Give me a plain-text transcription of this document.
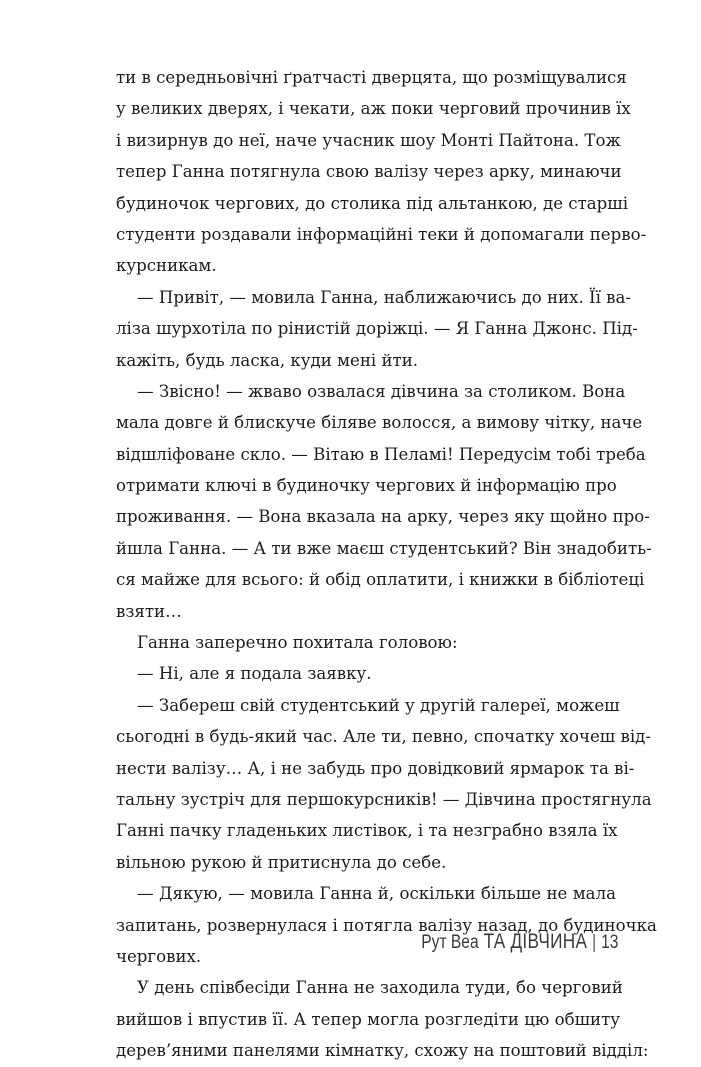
ти в середньовічні ґратчасті дверцята, що розміщувалися
у великих дверях, і чекати, аж поки черговий прочинив їх
і визирнув до неї, наче учасник шоу Монті Пайтона. Тож
тепер Ганна потягнула свою валізу через арку, минаючи
будиночок чергових, до столика під альтанкою, де старші
студенти роздавали інформаційні теки й допомагали перво-
курсникам.
— Привіт, — мовила Ганна, наближаючись до них. Її ва-
ліза шурхотіла по рінистій доріжці. — Я Ганна Джонс. Під-
кажіть, будь ласка, куди мені йти.
— Звісно! — жваво озвалася дівчина за столиком. Вона
мала довге й блискуче біляве волосся, а вимову чітку, наче
відшліфоване скло. — Вітаю в Пеламі! Передусім тобі треба
отримати ключі в будиночку чергових й інформацію про
проживання. — Вона вказала на арку, через яку щойно про-
йшла Ганна. — А ти вже маєш студентський? Він знадобить-
ся майже для всього: й обід оплатити, і книжки в бібліотеці
взяти…
Ганна заперечно похитала головою:
— Ні, але я подала заявку.
— Забереш свій студентський у другій галереї, можеш
сьогодні в будь-який час. Але ти, певно, спочатку хочеш від-
нести валізу… А, і не забудь про довідковий ярмарок та ві-
тальну зустріч для першокурсників! — Дівчина простягнула
Ганні пачку гладеньких листівок, і та незграбно взяла їх
вільною рукою й притиснула до себе.
— Дякую, — мовила Ганна й, оскільки більше не мала
запитань, розвернулася і потягла валізу назад, до будиночка
чергових.
У день співбесіди Ганна не заходила туди, бо черговий
вийшов і впустив її. А тепер могла розгледіти цю обшиту
дерев’яними панелями кімнатку, схожу на поштовий відділ:
Рут Веа ТА ДІВЧИНА | 13
